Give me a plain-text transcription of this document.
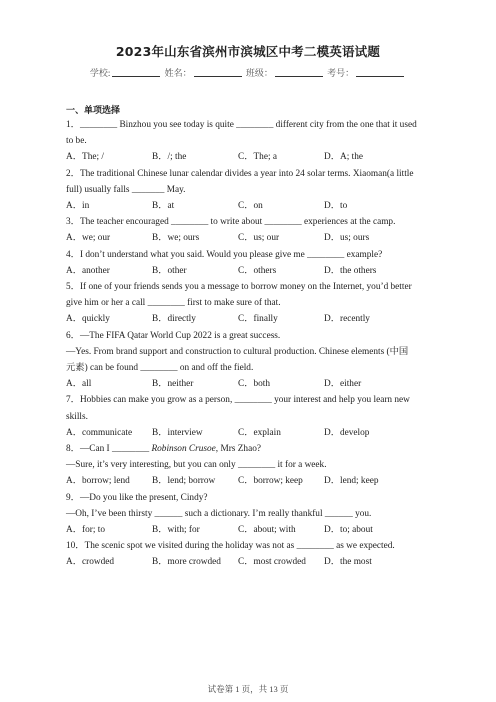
2023年山东省滨州市滨城区中考二模英语试题
学校:	姓名：	班级：	考号：
一、单项选择

1．________ Binzhou you see today is quite ________ different city from the one that it used

to be.

A．The; /	B．/; the	C．The; a	D．A; the

2．The traditional Chinese lunar calendar divides a year into 24 solar terms. Xiaoman(a little

full) usually falls _______ May.

A．in	B．at	C．on	D．to

3．The teacher encouraged ________ to write about ________ experiences at the camp.

A．we; our	B．we; ours	C．us; our	D．us; ours

4．I don’t understand what you said. Would you please give me ________ example?

A．another	B．other	C．others	D．the others

5．If one of your friends sends you a message to borrow money on the Internet, you’d better

give him or her a call ________ first to make sure of that.

A．quickly	B．directly	C．finally	D．recently

6．—The FIFA Qatar World Cup 2022 is a great success.

—Yes. From brand support and construction to cultural production. Chinese elements (中国

元素) can be found ________ on and off the field.

A．all	B．neither	C．both	D．either

7．Hobbies can make you grow as a person, ________ your interest and help you learn new

skills.

A．communicate	B．interview	C．explain	D．develop

8．—Can I ________ Robinson Crusoe, Mrs Zhao?

—Sure, it’s very interesting, but you can only ________ it for a week.

A．borrow; lend	B．lend; borrow	C．borrow; keep	D．lend; keep

9．—Do you like the present, Cindy?

—Oh, I’ve been thirsty ______ such a dictionary. I’m really thankful ______ you.

A．for; to	B．with; for	C．about; with	D．to; about

10．The scenic spot we visited during the holiday was not as ________ as we expected.

A．crowded	B．more crowded	C．most crowded	D．the most
试卷第 1 页，共 13 页
